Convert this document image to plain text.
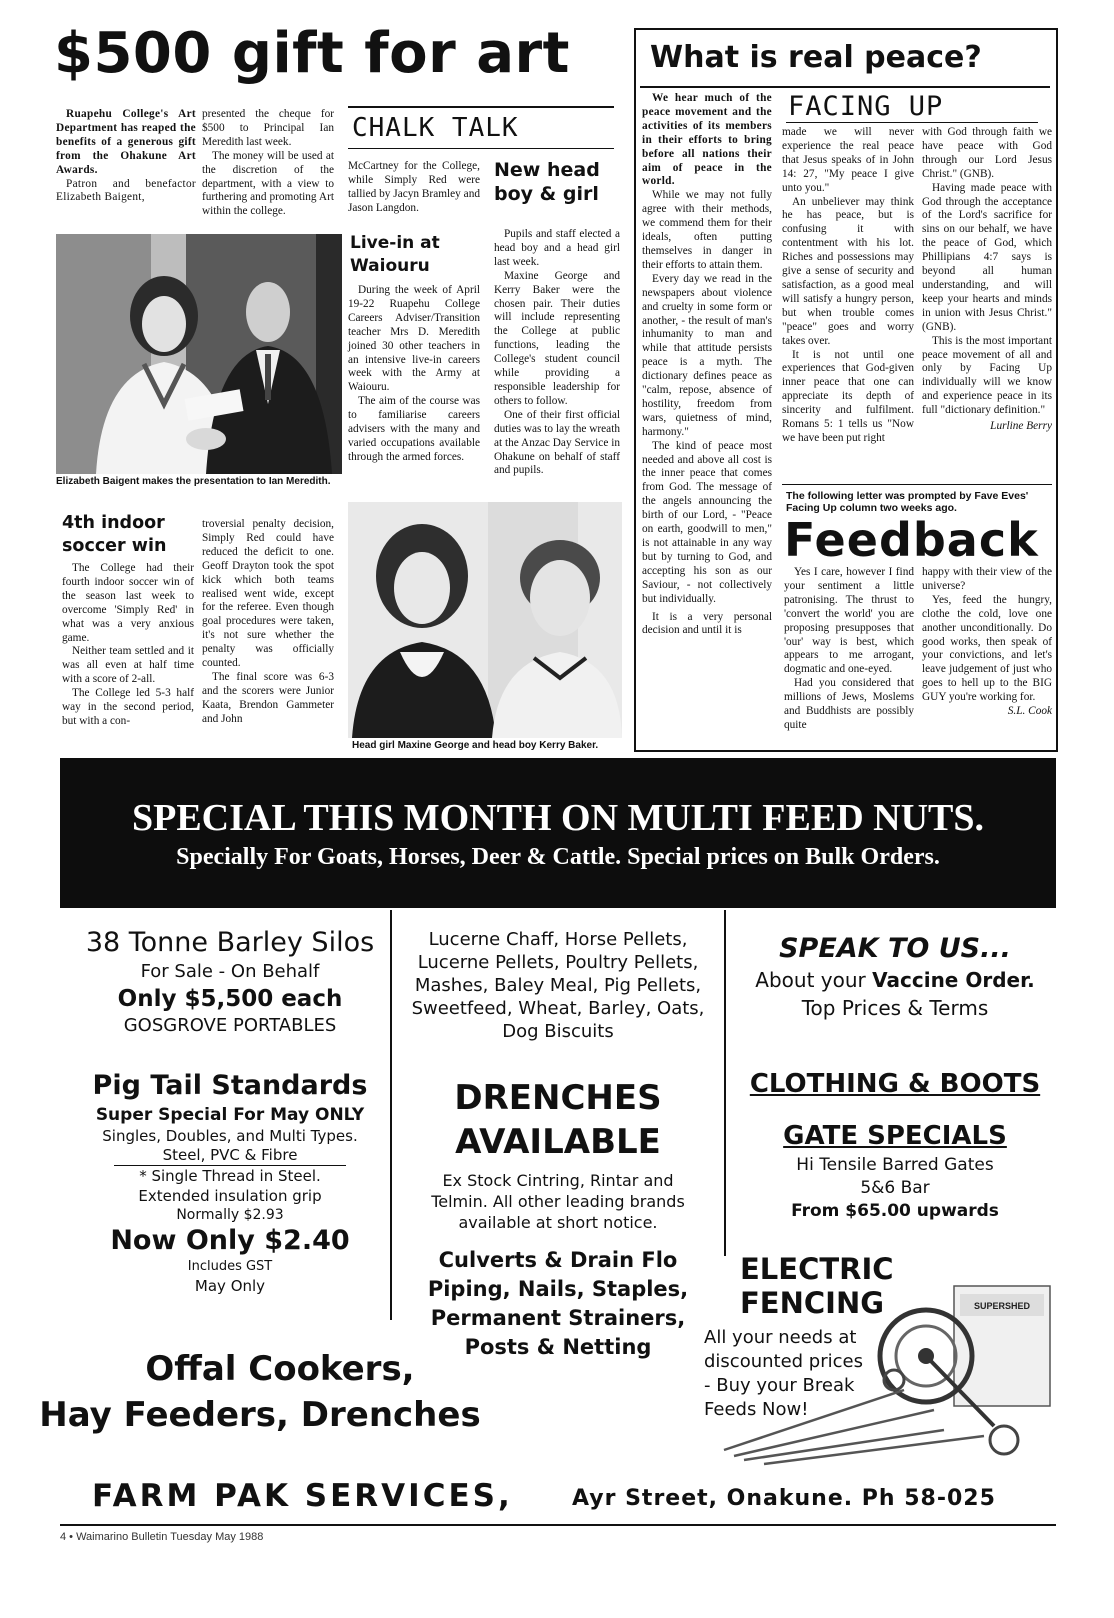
$500 gift for art

Ruapehu College's Art Department has reaped the benefits of a generous gift from the Ohakune Art Awards.

Patron and benefactor Elizabeth Baigent,

presented the cheque for $500 to Principal Ian Meredith last week.

The money will be used at the discretion of the department, with a view to furthering and promoting Art within the college.

Elizabeth Baigent makes the presentation to Ian Meredith.
4th indoor soccer win

The College had their fourth indoor soccer win of the season last week to overcome 'Simply Red' in what was a very anxious game.

Neither team settled and it was all even at half time with a score of 2-all.

The College led 5-3 half way in the second period, but with a con-

troversial penalty decision, Simply Red could have reduced the deficit to one. Geoff Drayton took the spot kick which both teams realised went wide, except for the referee. Even though goal procedures were taken, it's not sure whether the penalty was officially counted.

The final score was 6-3 and the scorers were Junior Kaata, Brendon Gammeter and John

CHALK TALK
McCartney for the College, while Simply Red were tallied by Jacyn Bramley and Jason Langdon.
Live-in at Waiouru

During the week of April 19-22 Ruapehu College Careers Adviser/Transition teacher Mrs D. Meredith joined 30 other teachers in an intensive live-in careers week with the Army at Waiouru.

The aim of the course was to familiarise careers advisers with the many and varied occupations available through the armed forces.

New head boy & girl

Pupils and staff elected a head boy and a head girl last week.

Maxine George and Kerry Baker were the chosen pair. Their duties will include representing the College at public functions, leading the College's student council while providing a responsible leadership for others to follow.

One of their first official duties was to lay the wreath at the Anzac Day Service in Ohakune on behalf of staff and pupils.

Head girl Maxine George and head boy Kerry Baker.
What is real peace?

We hear much of the peace movement and the activities of its members in their efforts to bring before all nations their aim of peace in the world.

While we may not fully agree with their methods, we commend them for their ideals, often putting themselves in danger in their efforts to attain them.

Every day we read in the newspapers about violence and cruelty in some form or another, - the result of man's inhumanity to man and while that attitude persists peace is a myth. The dictionary defines peace as "calm, repose, absence of hostility, freedom from wars, quietness of mind, harmony."

The kind of peace most needed and above all cost is the inner peace that comes from God. The message of the angels announcing the birth of our Lord, - "Peace on earth, goodwill to men," is not attainable in any way but by turning to God, and accepting his son as our Saviour, - not collectively but individually.

It is a very personal decision and until it is

FACING UP

made we will never experience the real peace that Jesus speaks of in John 14: 27, "My peace I give unto you."

An unbeliever may think he has peace, but is confusing it with contentment with his lot. Riches and possessions may give a sense of security and satisfaction, as a good meal will satisfy a hungry person, but when trouble comes "peace" goes and worry takes over.

It is not until one experiences that God-given inner peace that one can appreciate its depth of sincerity and fulfilment. Romans 5: 1 tells us "Now we have been put right

with God through faith we have peace with God through our Lord Jesus Christ." (GNB).

Having made peace with God through the acceptance of the Lord's sacrifice for sins on our behalf, we have the peace of God, which Phillipians 4:7 says is beyond all human understanding, and will keep your hearts and minds in union with Jesus Christ." (GNB).

This is the most important peace movement of all and only by Facing Up individually will we know and experience peace in its full "dictionary definition."

Lurline Berry

The following letter was prompted by Fave Eves' Facing Up column two weeks ago.
Feedback

Yes I care, however I find your sentiment a little patronising. The thrust to 'convert the world' you are proposing presupposes that 'our' way is best, which appears to me arrogant, dogmatic and one-eyed.

Had you considered that millions of Jews, Moslems and Buddhists are possibly quite

happy with their view of the universe?

Yes, feed the hungry, clothe the cold, love one another unconditionally. Do good works, then speak of your convictions, and let's leave judgement of just who goes to hell up to the BIG GUY you're working for.

S.L. Cook

SPECIAL THIS MONTH ON MULTI FEED NUTS.
Specially For Goats, Horses, Deer & Cattle. Special prices on Bulk Orders.
38 Tonne Barley Silos
For Sale - On Behalf
Only $5,500 each
GOSGROVE PORTABLES
Lucerne Chaff, Horse Pellets,
Lucerne Pellets, Poultry Pellets,
Mashes, Baley Meal, Pig Pellets,
Sweetfeed, Wheat, Barley, Oats,
Dog Biscuits
SPEAK TO US...
About your Vaccine Order.
Top Prices & Terms
Pig Tail Standards
Super Special For May ONLY
Singles, Doubles, and Multi Types.
Steel, PVC & Fibre
* Single Thread in Steel.
Extended insulation grip
Normally $2.93
Now Only $2.40
Includes GST
May Only
DRENCHES
AVAILABLE
Ex Stock Cintring, Rintar and
Telmin. All other leading brands
available at short notice.
Culverts & Drain Flo
Piping, Nails, Staples,
Permanent Strainers,
Posts & Netting
CLOTHING & BOOTS
GATE SPECIALS
Hi Tensile Barred Gates
5&6 Bar
From $65.00 upwards
ELECTRIC
FENCING
All your needs at
discounted prices
- Buy your Break
Feeds Now!
SUPERSHED
Offal Cookers,
Hay Feeders, Drenches
FARM PAK SERVICES,	Ayr Street, Onakune. Ph 58-025
4 • Waimarino Bulletin Tuesday May 1988
